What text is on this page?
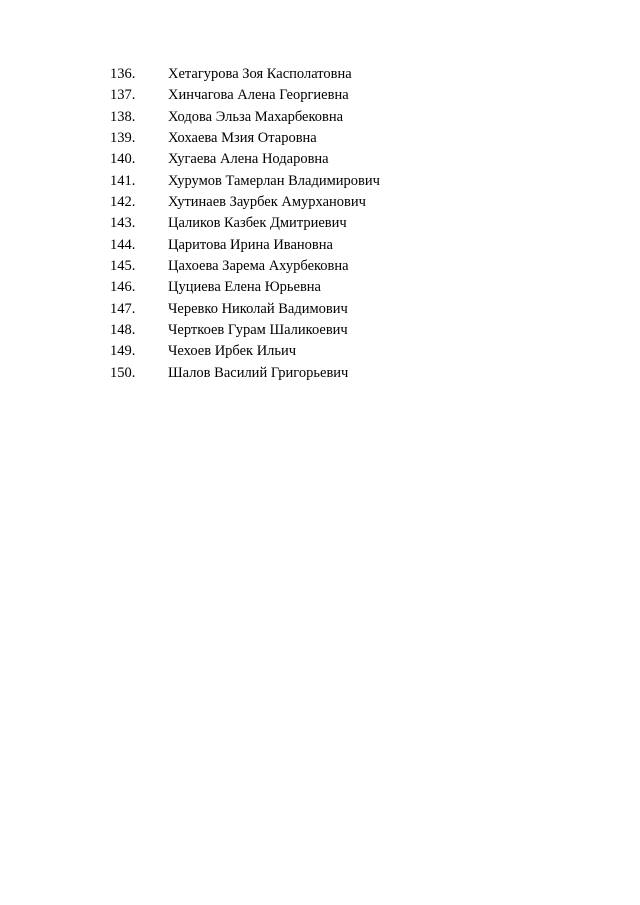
136.	Хетагурова Зоя Касполатовна
137.	Хинчагова Алена Георгиевна
138.	Ходова Эльза Махарбековна
139.	Хохаева Мзия Отаровна
140.	Хугаева Алена Нодаровна
141.	Хурумов Тамерлан Владимирович
142.	Хутинаев Заурбек Амурханович
143.	Цаликов Казбек Дмитриевич
144.	Царитова Ирина Ивановна
145.	Цахоева Зарема Ахурбековна
146.	Цуциева Елена Юрьевна
147.	Черевко Николай Вадимович
148.	Черткоев Гурам Шаликоевич
149.	Чехоев Ирбек Ильич
150.	Шалов Василий Григорьевич
